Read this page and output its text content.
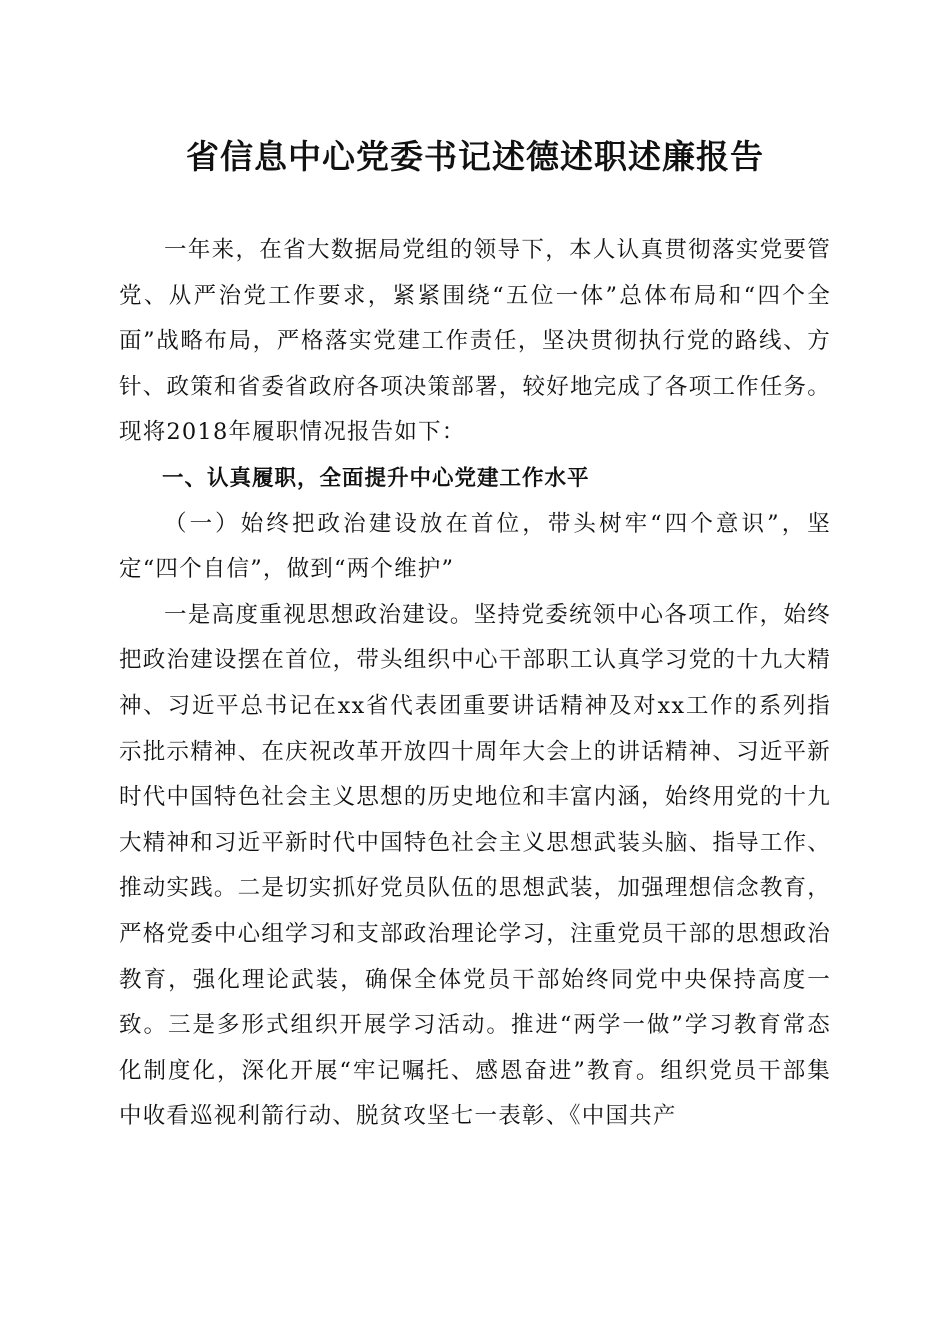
省信息中心党委书记述德述职述廉报告

一年来，在省大数据局党组的领导下，本人认真贯彻落实党要管党、从严治党工作要求，紧紧围绕“五位一体”总体布局和“四个全面”战略布局，严格落实党建工作责任，坚决贯彻执行党的路线、方针、政策和省委省政府各项决策部署，较好地完成了各项工作任务。现将2018年履职情况报告如下：

一、认真履职，全面提升中心党建工作水平

（一）始终把政治建设放在首位，带头树牢“四个意识”，坚定“四个自信”，做到“两个维护”

一是高度重视思想政治建设。坚持党委统领中心各项工作，始终把政治建设摆在首位，带头组织中心干部职工认真学习党的十九大精神、习近平总书记在xx省代表团重要讲话精神及对xx工作的系列指示批示精神、在庆祝改革开放四十周年大会上的讲话精神、习近平新时代中国特色社会主义思想的历史地位和丰富内涵，始终用党的十九大精神和习近平新时代中国特色社会主义思想武装头脑、指导工作、推动实践。二是切实抓好党员队伍的思想武装，加强理想信念教育，严格党委中心组学习和支部政治理论学习，注重党员干部的思想政治教育，强化理论武装，确保全体党员干部始终同党中央保持高度一致。三是多形式组织开展学习活动。推进“两学一做”学习教育常态化制度化，深化开展“牢记嘱托、感恩奋进”教育。组织党员干部集中收看巡视利箭行动、脱贫攻坚七一表彰、《中国共产
